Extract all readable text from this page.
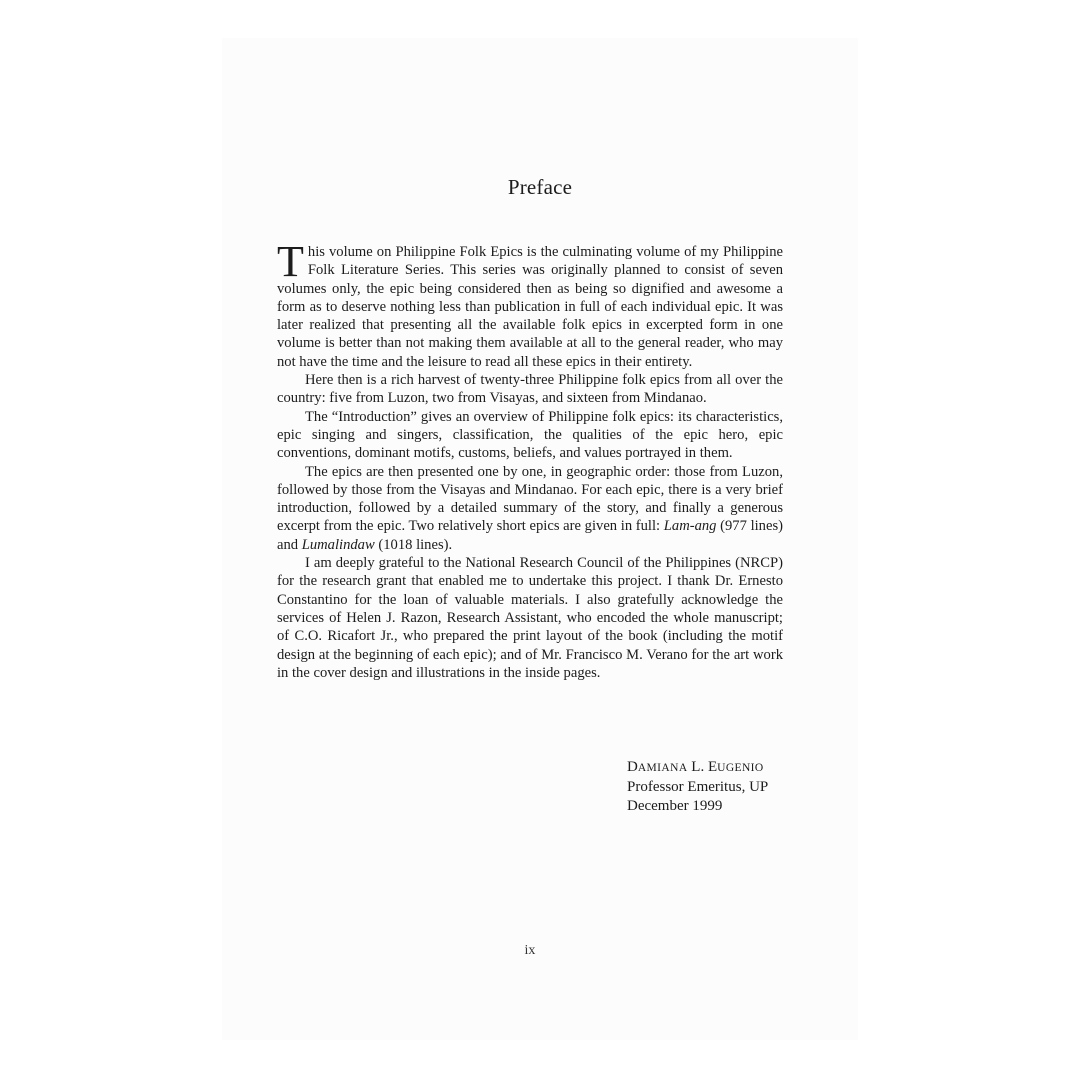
Preface

This volume on Philippine Folk Epics is the culminating volume of my Philippine Folk Literature Series. This series was originally planned to consist of seven volumes only, the epic being considered then as being so dignified and awesome a form as to deserve nothing less than publication in full of each individual epic. It was later realized that presenting all the available folk epics in excerpted form in one volume is better than not making them available at all to the general reader, who may not have the time and the leisure to read all these epics in their entirety.

Here then is a rich harvest of twenty-three Philippine folk epics from all over the country: five from Luzon, two from Visayas, and sixteen from Mindanao.

The “Introduction” gives an overview of Philippine folk epics: its characteristics, epic singing and singers, classification, the qualities of the epic hero, epic conventions, dominant motifs, customs, beliefs, and values portrayed in them.

The epics are then presented one by one, in geographic order: those from Luzon, followed by those from the Visayas and Mindanao. For each epic, there is a very brief introduction, followed by a detailed summary of the story, and finally a generous excerpt from the epic. Two relatively short epics are given in full: Lam-ang (977 lines) and Lumalindaw (1018 lines).

I am deeply grateful to the National Research Council of the Philippines (NRCP) for the research grant that enabled me to undertake this project. I thank Dr. Ernesto Constantino for the loan of valuable materials. I also gratefully acknowledge the services of Helen J. Razon, Research Assistant, who encoded the whole manuscript; of C.O. Ricafort Jr., who prepared the print layout of the book (including the motif design at the beginning of each epic); and of Mr. Francisco M. Verano for the art work in the cover design and illustrations in the inside pages.

DAMIANA L. EUGENIO
Professor Emeritus, UP
December 1999
ix
